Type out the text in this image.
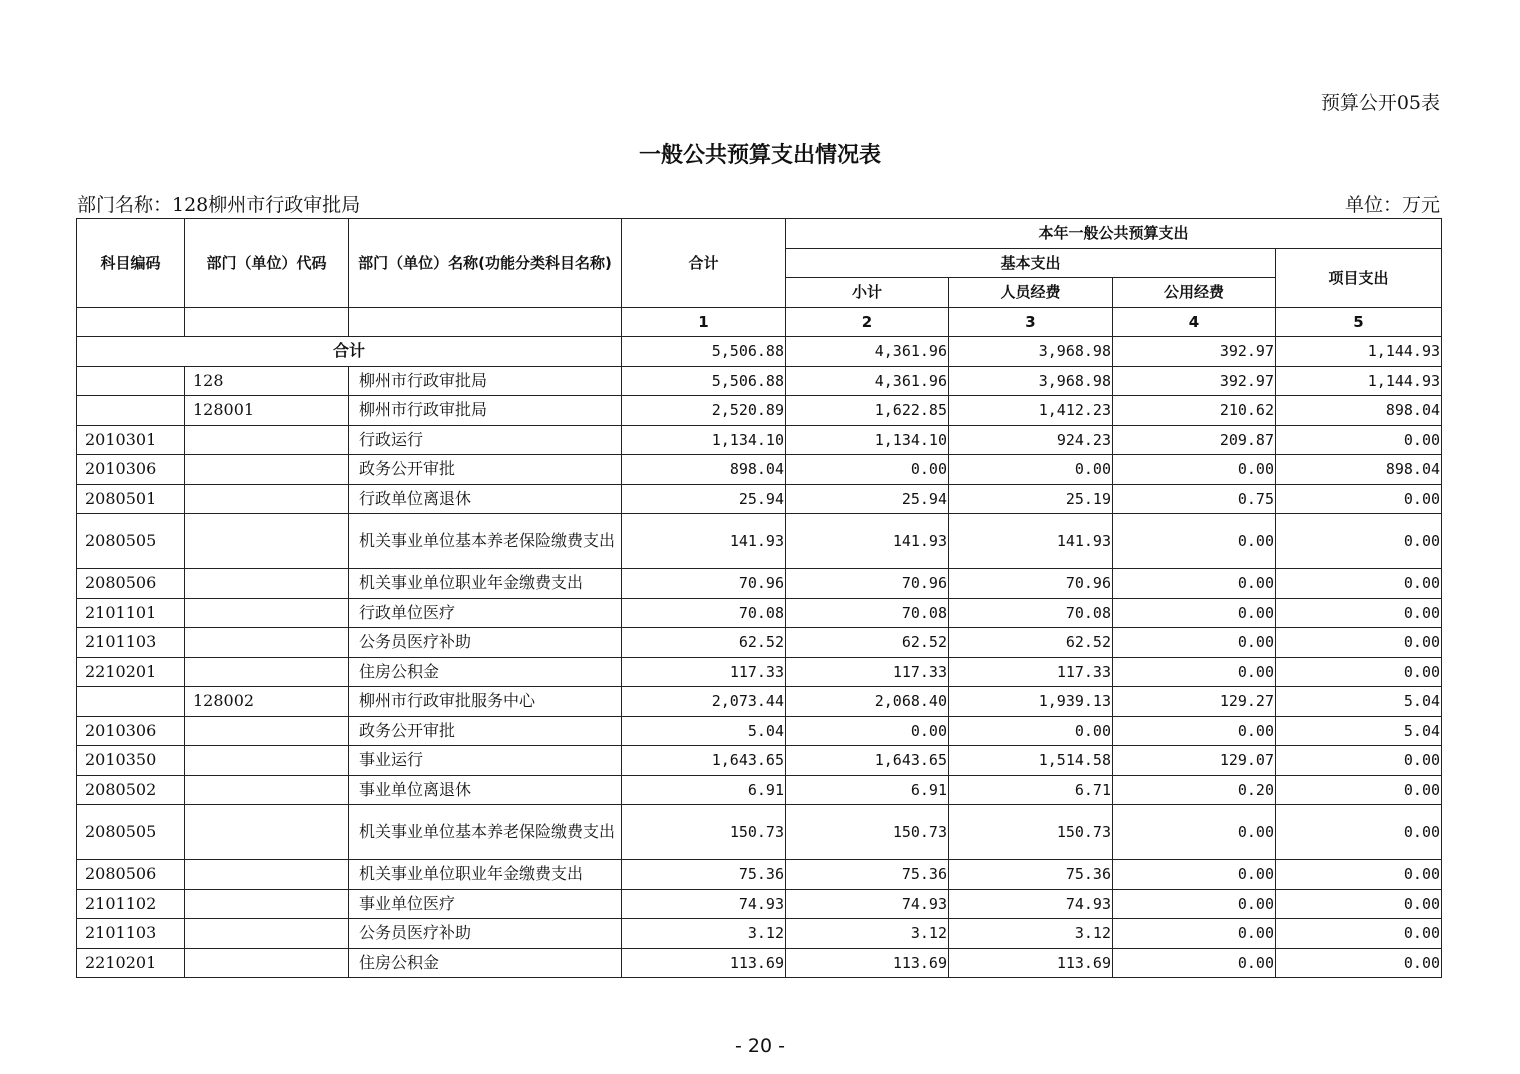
预算公开05表
一般公共预算支出情况表
部门名称：128柳州市行政审批局	单位：万元
科目编码	部门（单位）代码	部门（单位）名称(功能分类科目名称)	合计	本年一般公共预算支出			
				基本支出			项目支出
				小计	人员经费	公用经费	
			1	2	3	4	5
合计			5,506.88	4,361.96	3,968.98	392.97	1,144.93
	128	柳州市行政审批局	5,506.88	4,361.96	3,968.98	392.97	1,144.93
	128001	柳州市行政审批局	2,520.89	1,622.85	1,412.23	210.62	898.04
2010301		行政运行	1,134.10	1,134.10	924.23	209.87	0.00
2010306		政务公开审批	898.04	0.00	0.00	0.00	898.04
2080501		行政单位离退休	25.94	25.94	25.19	0.75	0.00
2080505		机关事业单位基本养老保险缴费支出	141.93	141.93	141.93	0.00	0.00
2080506		机关事业单位职业年金缴费支出	70.96	70.96	70.96	0.00	0.00
2101101		行政单位医疗	70.08	70.08	70.08	0.00	0.00
2101103		公务员医疗补助	62.52	62.52	62.52	0.00	0.00
2210201		住房公积金	117.33	117.33	117.33	0.00	0.00
	128002	柳州市行政审批服务中心	2,073.44	2,068.40	1,939.13	129.27	5.04
2010306		政务公开审批	5.04	0.00	0.00	0.00	5.04
2010350		事业运行	1,643.65	1,643.65	1,514.58	129.07	0.00
2080502		事业单位离退休	6.91	6.91	6.71	0.20	0.00
2080505		机关事业单位基本养老保险缴费支出	150.73	150.73	150.73	0.00	0.00
2080506		机关事业单位职业年金缴费支出	75.36	75.36	75.36	0.00	0.00
2101102		事业单位医疗	74.93	74.93	74.93	0.00	0.00
2101103		公务员医疗补助	3.12	3.12	3.12	0.00	0.00
2210201		住房公积金	113.69	113.69	113.69	0.00	0.00
- 20 -
